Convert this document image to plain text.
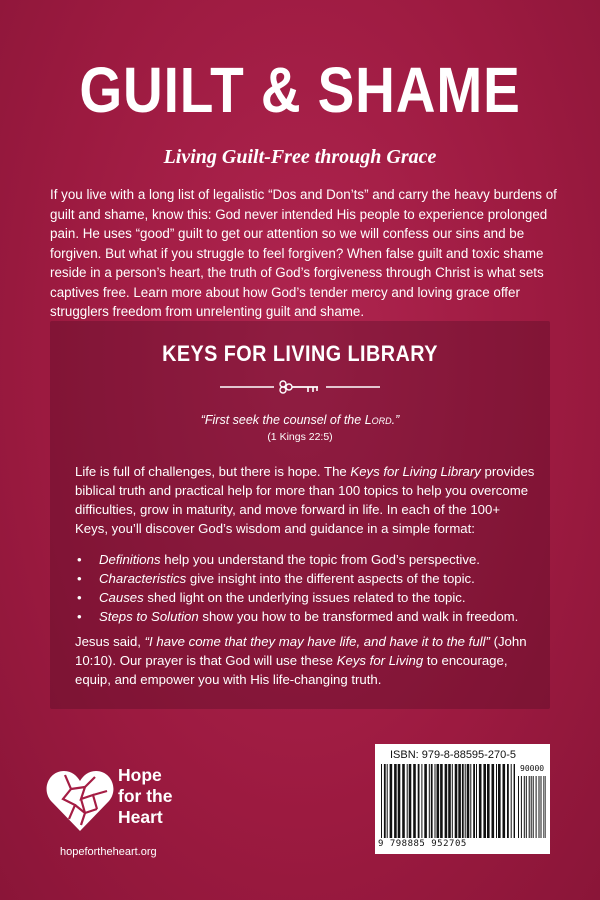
GUILT & SHAME
Living Guilt-Free through Grace
If you live with a long list of legalistic “Dos and Don’ts” and carry the heavy burdens of guilt and shame, know this: God never intended His people to experience prolonged pain. He uses “good” guilt to get our attention so we will confess our sins and be forgiven. But what if you struggle to feel forgiven? When false guilt and toxic shame reside in a person’s heart, the truth of God’s forgiveness through Christ is what sets captives free. Learn more about how God’s tender mercy and loving grace offer strugglers freedom from unrelenting guilt and shame.
KEYS FOR LIVING LIBRARY
“First seek the counsel of the Lord.”
(1 Kings 22:5)
Life is full of challenges, but there is hope. The Keys for Living Library provides biblical truth and practical help for more than 100 topics to help you overcome difficulties, grow in maturity, and move forward in life. In each of the 100+ Keys, you’ll discover God’s wisdom and guidance in a simple format:
• Definitions help you understand the topic from God’s perspective.
• Characteristics give insight into the different aspects of the topic.
• Causes shed light on the underlying issues related to the topic.
• Steps to Solution show you how to be transformed and walk in freedom.
Jesus said, “I have come that they may have life, and have it to the full” (John 10:10). Our prayer is that God will use these Keys for Living to encourage, equip, and empower you with His life-changing truth.
Hope
for the
Heart
hopefortheheart.org
ISBN: 979-8-88595-270-5
90000
9 798885 952705
